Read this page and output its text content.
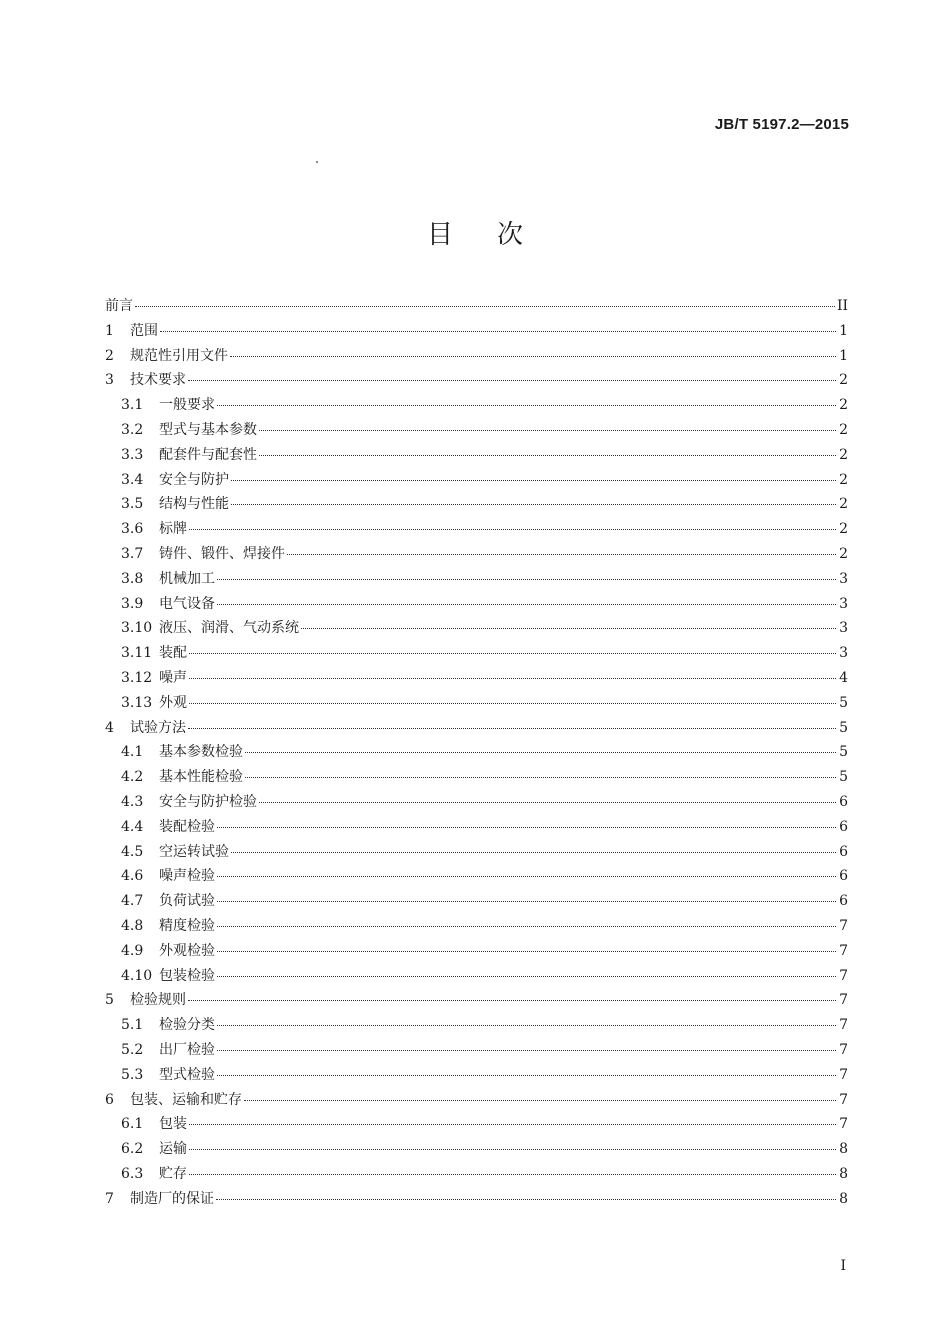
JB/T 5197.2—2015
目 次
前言	II
1	范围	1
2	规范性引用文件	1
3	技术要求	2
3.1	一般要求	2
3.2	型式与基本参数	2
3.3	配套件与配套性	2
3.4	安全与防护	2
3.5	结构与性能	2
3.6	标牌	2
3.7	铸件、锻件、焊接件	2
3.8	机械加工	3
3.9	电气设备	3
3.10 液压、润滑、气动系统	3
3.11 装配	3
3.12 噪声	4
3.13 外观	5
4	试验方法	5
4.1	基本参数检验	5
4.2	基本性能检验	5
4.3	安全与防护检验	6
4.4	装配检验	6
4.5	空运转试验	6
4.6	噪声检验	6
4.7	负荷试验	6
4.8	精度检验	7
4.9	外观检验	7
4.10 包装检验	7
5	检验规则	7
5.1	检验分类	7
5.2	出厂检验	7
5.3	型式检验	7
6	包装、运输和贮存	7
6.1	包装	7
6.2	运输	8
6.3	贮存	8
7	制造厂的保证	8
I
